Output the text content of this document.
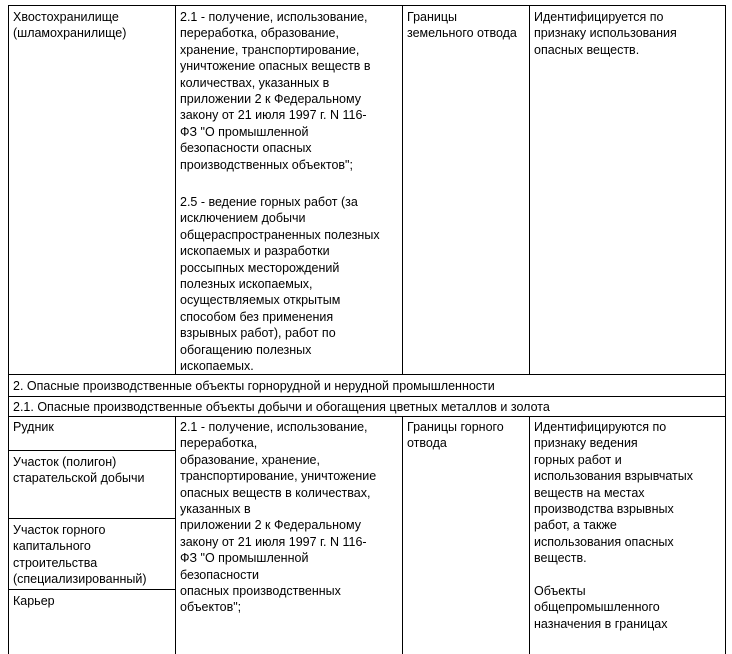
Хвостохранилище
(шламохранилище)
2.1 - получение, использование,
переработка, образование,
хранение, транспортирование,
уничтожение опасных веществ в
количествах, указанных в
приложении 2 к Федеральному
закону от 21 июля 1997 г. N 116-
ФЗ "О промышленной
безопасности опасных
производственных объектов";
2.5 - ведение горных работ (за
исключением добычи
общераспространенных полезных
ископаемых и разработки
россыпных месторождений
полезных ископаемых,
осуществляемых открытым
способом без применения
взрывных работ), работ по
обогащению полезных
ископаемых.
Границы
земельного отвода
Идентифицируется по
признаку использования
опасных веществ.
2. Опасные производственные объекты горнорудной и нерудной промышленности
2.1. Опасные производственные объекты добычи и обогащения цветных металлов и золота
Рудник
Участок (полигон)
старательской добычи
Участок горного
капитального
строительства
(специализированный)
Карьер
2.1 - получение, использование,
переработка,
образование, хранение,
транспортирование, уничтожение
опасных веществ в количествах,
указанных в
приложении 2 к Федеральному
закону от 21 июля 1997 г. N 116-
ФЗ "О промышленной
безопасности
опасных производственных
объектов";
Границы горного
отвода
Идентифицируются по
признаку ведения
горных работ и
использования взрывчатых
веществ на местах
производства взрывных
работ, а также
использования опасных
веществ.

Объекты
общепромышленного
назначения в границах
